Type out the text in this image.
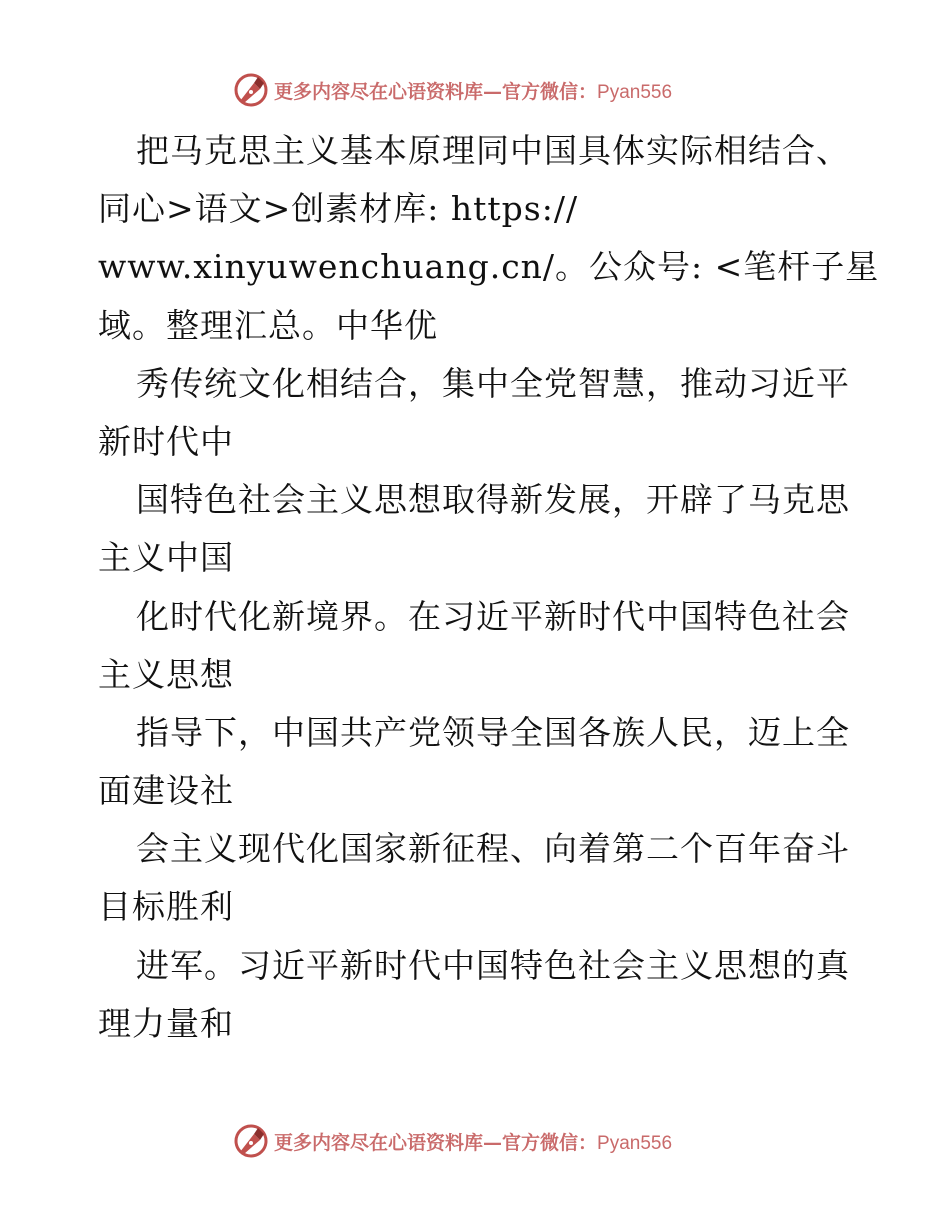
更多内容尽在心语资料库—官方微信：Pyan556
把马克思主义基本原理同中国具体实际相结合、
同心>语文>创素材库: https://
www.xinyuwenchuang.cn/。公众号: <笔杆子星
域。整理汇总。中华优
秀传统文化相结合，集中全党智慧，推动习近平
新时代中
国特色社会主义思想取得新发展，开辟了马克思
主义中国
化时代化新境界。在习近平新时代中国特色社会
主义思想
指导下，中国共产党领导全国各族人民，迈上全
面建设社
会主义现代化国家新征程、向着第二个百年奋斗
目标胜利
进军。习近平新时代中国特色社会主义思想的真
理力量和
更多内容尽在心语资料库—官方微信：Pyan556
